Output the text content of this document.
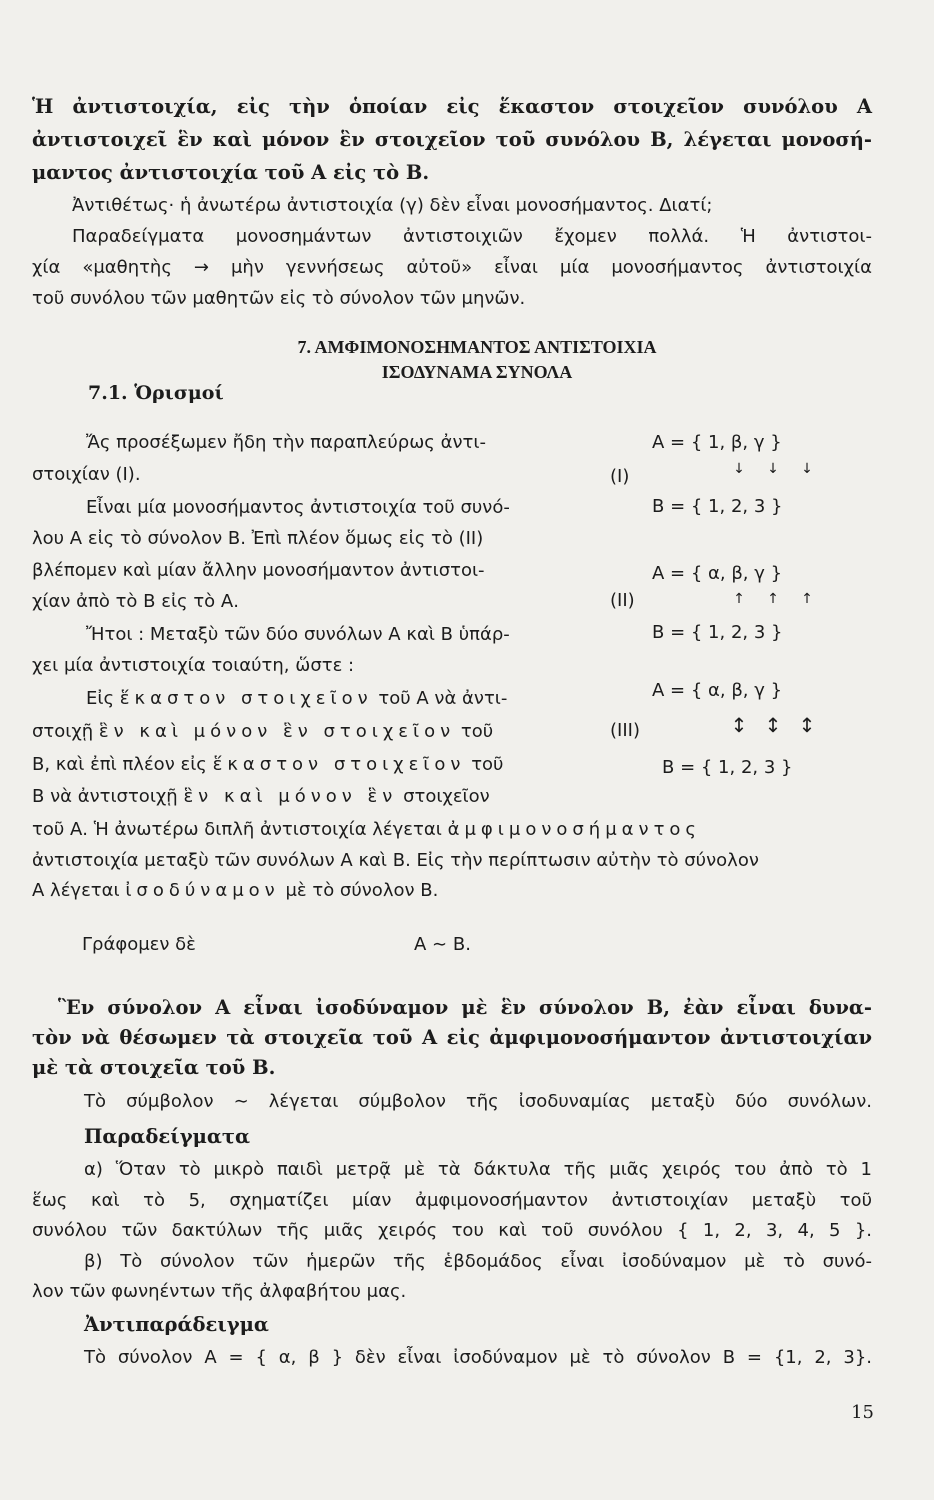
Ἡ ἀντιστοιχία, εἰς τὴν ὁποίαν εἰς ἕκαστον στοιχεῖον συνόλου Α
ἀντιστοιχεῖ ἓν καὶ μόνον ἓν στοιχεῖον τοῦ συνόλου Β, λέγεται μονοσή-
μαντος ἀντιστοιχία τοῦ Α εἰς τὸ Β.
Ἀντιθέτως· ἡ ἀνωτέρω ἀντιστοιχία (γ) δὲν εἶναι μονοσήμαντος. Διατί;
Παραδείγματα μονοσημάντων ἀντιστοιχιῶν ἔχομεν πολλά. Ἡ ἀντιστοι-
χία «μαθητὴς → μὴν γεννήσεως αὐτοῦ» εἶναι μία μονοσήμαντος ἀντιστοιχία
τοῦ συνόλου τῶν μαθητῶν εἰς τὸ σύνολον τῶν μηνῶν.
7. ΑΜΦΙΜΟΝΟΣΗΜΑΝΤΟΣ ΑΝΤΙΣΤΟΙΧΙΑ
ΙΣΟΔΥΝΑΜΑ ΣΥΝΟΛΑ
7.1. Ὁρισμοί
Ἄς προσέξωμεν ἤδη τὴν παραπλεύρως ἀντι-
στοιχίαν (Ι).
Εἶναι μία μονοσήμαντος ἀντιστοιχία τοῦ συνό-
λου Α εἰς τὸ σύνολον Β. Ἐπὶ πλέον ὅμως εἰς τὸ (ΙΙ)
βλέπομεν καὶ μίαν ἄλλην μονοσήμαντον ἀντιστοι-
χίαν ἀπὸ τὸ Β εἰς τὸ Α.
Ἤτοι : Μεταξὺ τῶν δύο συνόλων Α καὶ Β ὑπάρ-
χει μία ἀντιστοιχία τοιαύτη, ὥστε :
Εἰς ἕκαστον στοιχεῖον τοῦ Α νὰ ἀντι-
στοιχῇ ἓν καὶ μόνον ἓν στοιχεῖον τοῦ
Β, καὶ ἐπὶ πλέον εἰς ἕκαστον στοιχεῖον τοῦ
Β νὰ ἀντιστοιχῇ ἓν καὶ μόνον ἓν στοιχεῖον
τοῦ Α. Ἡ ἀνωτέρω διπλῆ ἀντιστοιχία λέγεται ἀμφιμονοσήμαντος
ἀντιστοιχία μεταξὺ τῶν συνόλων Α καὶ Β. Εἰς τὴν περίπτωσιν αὐτὴν τὸ σύνολον
Α λέγεται ἰσοδύναμον μὲ τὸ σύνολον Β.
Γράφομεν δὲ	Α ∼ Β.
Α = { 1, β, γ }
↓ ↓ ↓
(Ι)
Β = { 1, 2, 3 }
Α = { α, β, γ }
↑ ↑ ↑
(ΙΙ)
Β = { 1, 2, 3 }
Α = { α, β, γ }
↕ ↕ ↕
(ΙΙΙ)
Β = { 1, 2, 3 }
Ἓν σύνολον Α εἶναι ἰσοδύναμον μὲ ἓν σύνολον Β, ἐὰν εἶναι δυνα-
τὸν νὰ θέσωμεν τὰ στοιχεῖα τοῦ Α εἰς ἀμφιμονοσήμαντον ἀντιστοιχίαν
μὲ τὰ στοιχεῖα τοῦ Β.
Τὸ σύμβολον ∼ λέγεται σύμβολον τῆς ἰσοδυναμίας μεταξὺ δύο συνόλων.
Παραδείγματα
α) Ὅταν τὸ μικρὸ παιδὶ μετρᾷ μὲ τὰ δάκτυλα τῆς μιᾶς χειρός του ἀπὸ τὸ 1
ἕως καὶ τὸ 5, σχηματίζει μίαν ἀμφιμονοσήμαντον ἀντιστοιχίαν μεταξὺ τοῦ
συνόλου τῶν δακτύλων τῆς μιᾶς χειρός του καὶ τοῦ συνόλου { 1, 2, 3, 4, 5 }.
β) Τὸ σύνολον τῶν ἡμερῶν τῆς ἑβδομάδος εἶναι ἰσοδύναμον μὲ τὸ συνό-
λον τῶν φωνηέντων τῆς ἀλφαβήτου μας.
Ἀντιπαράδειγμα
Τὸ σύνολον Α = { α, β } δὲν εἶναι ἰσοδύναμον μὲ τὸ σύνολον Β = {1, 2, 3}.
15
